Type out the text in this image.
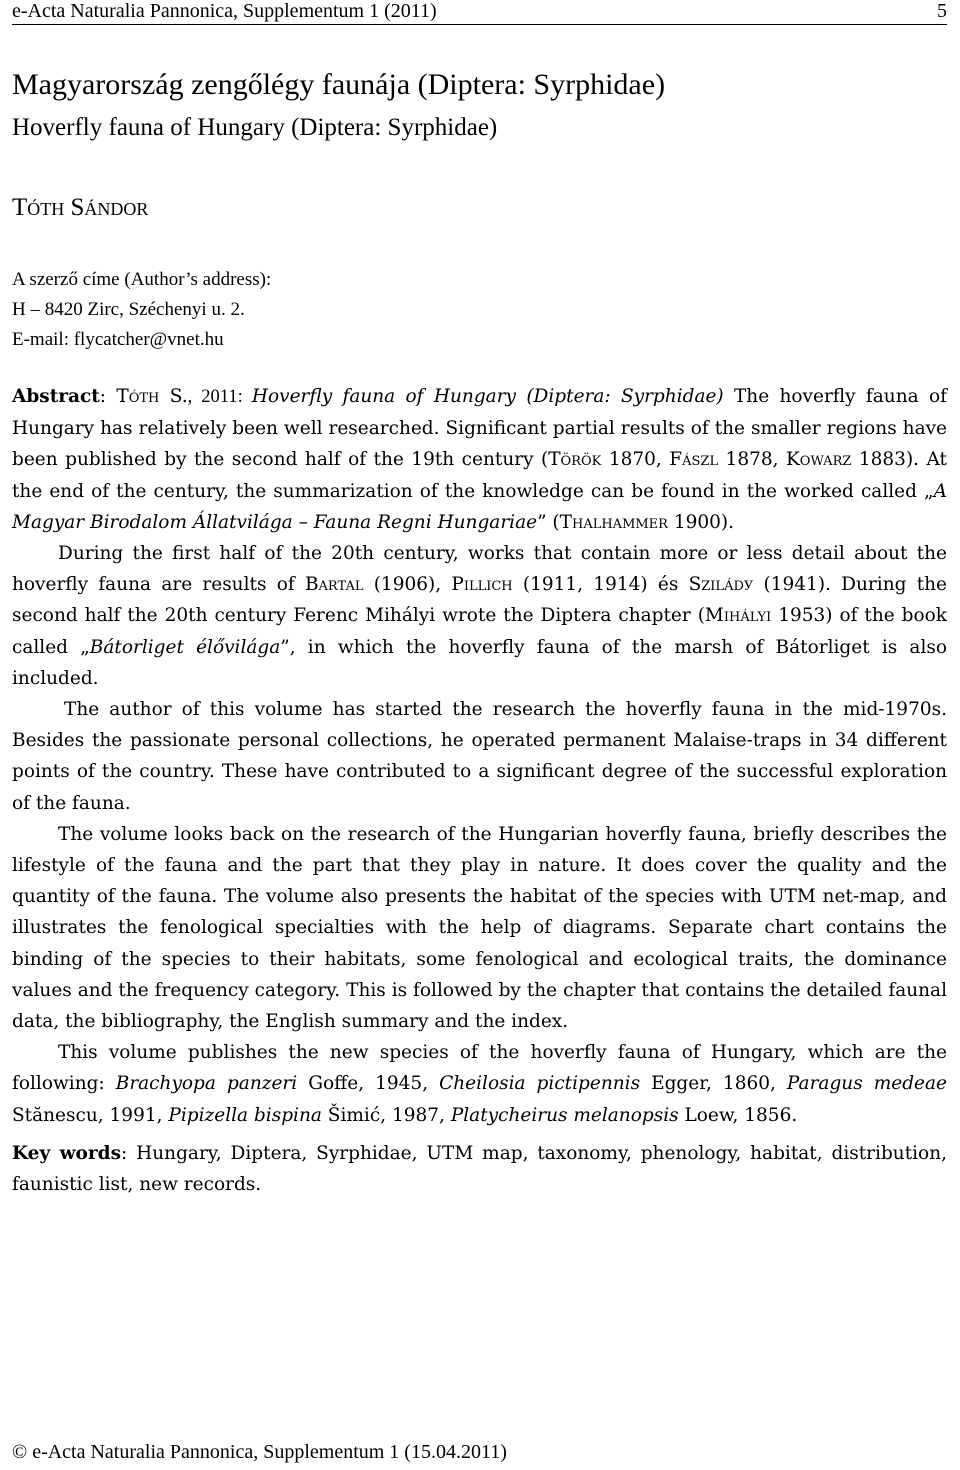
e-Acta Naturalia Pannonica, Supplementum 1 (2011)	5
Magyarország zengőlégy faunája (Diptera: Syrphidae)
Hoverfly fauna of Hungary (Diptera: Syrphidae)
Tóth Sándor
A szerző címe (Author’s address):
H – 8420 Zirc, Széchenyi u. 2.
E-mail: flycatcher@vnet.hu

Abstract: Tóth S., 2011: Hoverfly fauna of Hungary (Diptera: Syrphidae) The hoverfly fauna of Hungary has relatively been well researched. Significant partial results of the smaller regions have been published by the second half of the 19th century (Török 1870, Fászl 1878, Kowarz 1883). At the end of the century, the summarization of the knowledge can be found in the worked called „A Magyar Birodalom Állatvilága – Fauna Regni Hungariae” (Thalhammer 1900).

During the first half of the 20th century, works that contain more or less detail about the hoverfly fauna are results of Bartal (1906), Pillich (1911, 1914) és Sziládу (1941). During the second half the 20th century Ferenc Mihályi wrote the Diptera chapter (Mihályi 1953) of the book called „Bátorliget élővilága”, in which the hoverfly fauna of the marsh of Bátorliget is also included.

The author of this volume has started the research the hoverfly fauna in the mid-1970s. Besides the passionate personal collections, he operated permanent Malaise-traps in 34 different points of the country. These have contributed to a significant degree of the successful exploration of the fauna.

The volume looks back on the research of the Hungarian hoverfly fauna, briefly describes the lifestyle of the fauna and the part that they play in nature. It does cover the quality and the quantity of the fauna. The volume also presents the habitat of the species with UTM net-map, and illustrates the fenological specialties with the help of diagrams. Separate chart contains the binding of the species to their habitats, some fenological and ecological traits, the dominance values and the frequency category. This is followed by the chapter that contains the detailed faunal data, the bibliography, the English summary and the index.

This volume publishes the new species of the hoverfly fauna of Hungary, which are the following: Brachyopa panzeri Goffe, 1945, Cheilosia pictipennis Egger, 1860, Paragus medeae Stănescu, 1991, Pipizella bispina Šimić, 1987, Platycheirus melanopsis Loew, 1856.

Key words: Hungary, Diptera, Syrphidae, UTM map, taxonomy, phenology, habitat, distribution, faunistic list, new records.

© e-Acta Naturalia Pannonica, Supplementum 1 (15.04.2011)
